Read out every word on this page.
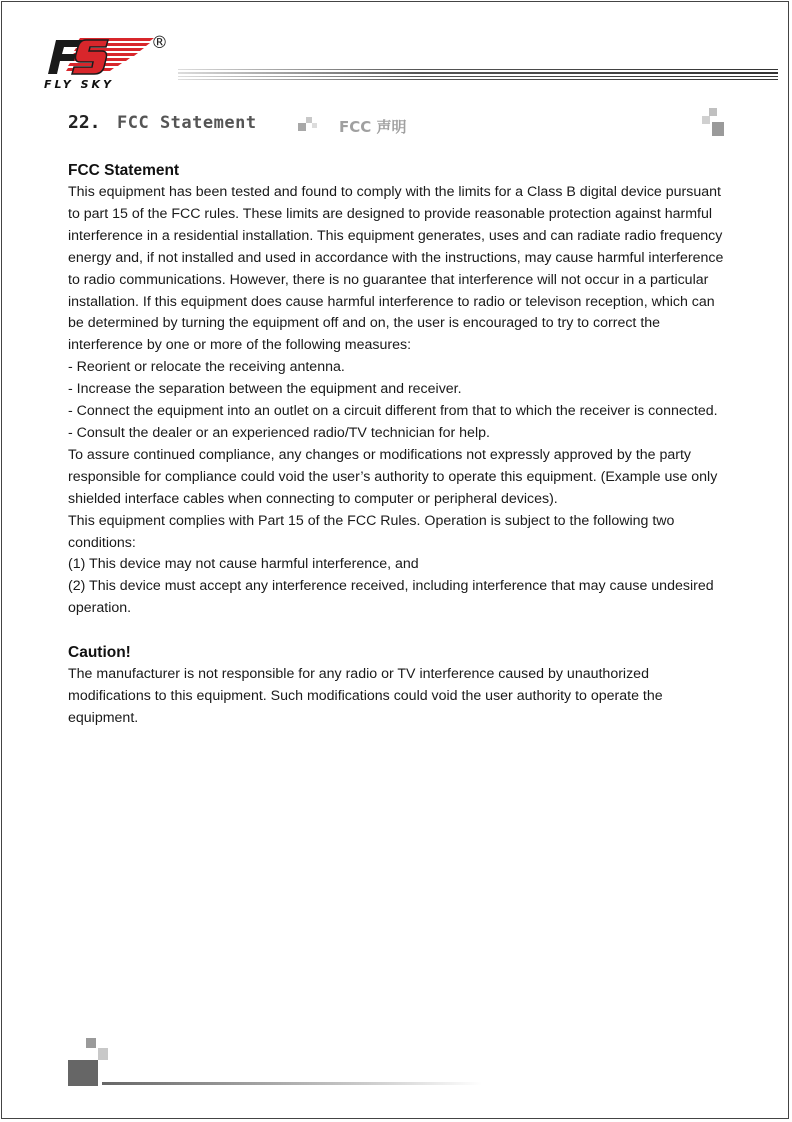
®
FLY SKY
22. FCC Statement	FCC 声明
FCC Statement

This equipment has been tested and found to comply with the limits for a Class B digital device pursuant to part 15 of the FCC rules. These limits are designed to provide reasonable protection against harmful interference in a residential installation. This equipment generates, uses and can radiate radio frequency energy and, if not installed and used in accordance with the instructions, may cause harmful interference to radio communications. However, there is no guarantee that interference will not occur in a particular installation. If this equipment does cause harmful interference to radio or televison reception, which can be determined by turning the equipment off and on, the user is encouraged to try to correct the interference by one or more of the following measures:

- Reorient or relocate the receiving antenna.

- Increase the separation between the equipment and receiver.

- Connect the equipment into an outlet on a circuit different from that to which the receiver is connected.

- Consult the dealer or an experienced radio/TV technician for help.

To assure continued compliance, any changes or modifications not expressly approved by the party responsible for compliance could void the user’s authority to operate this equipment. (Example use only shielded interface cables when connecting to computer or peripheral devices).

This equipment complies with Part 15 of the FCC Rules. Operation is subject to the following two conditions:

(1) This device may not cause harmful interference, and

(2) This device must accept any interference received, including interference that may cause undesired operation.

Caution!

The manufacturer is not responsible for any radio or TV interference caused by unauthorized modifications to this equipment. Such modifications could void the user authority to operate the equipment.
